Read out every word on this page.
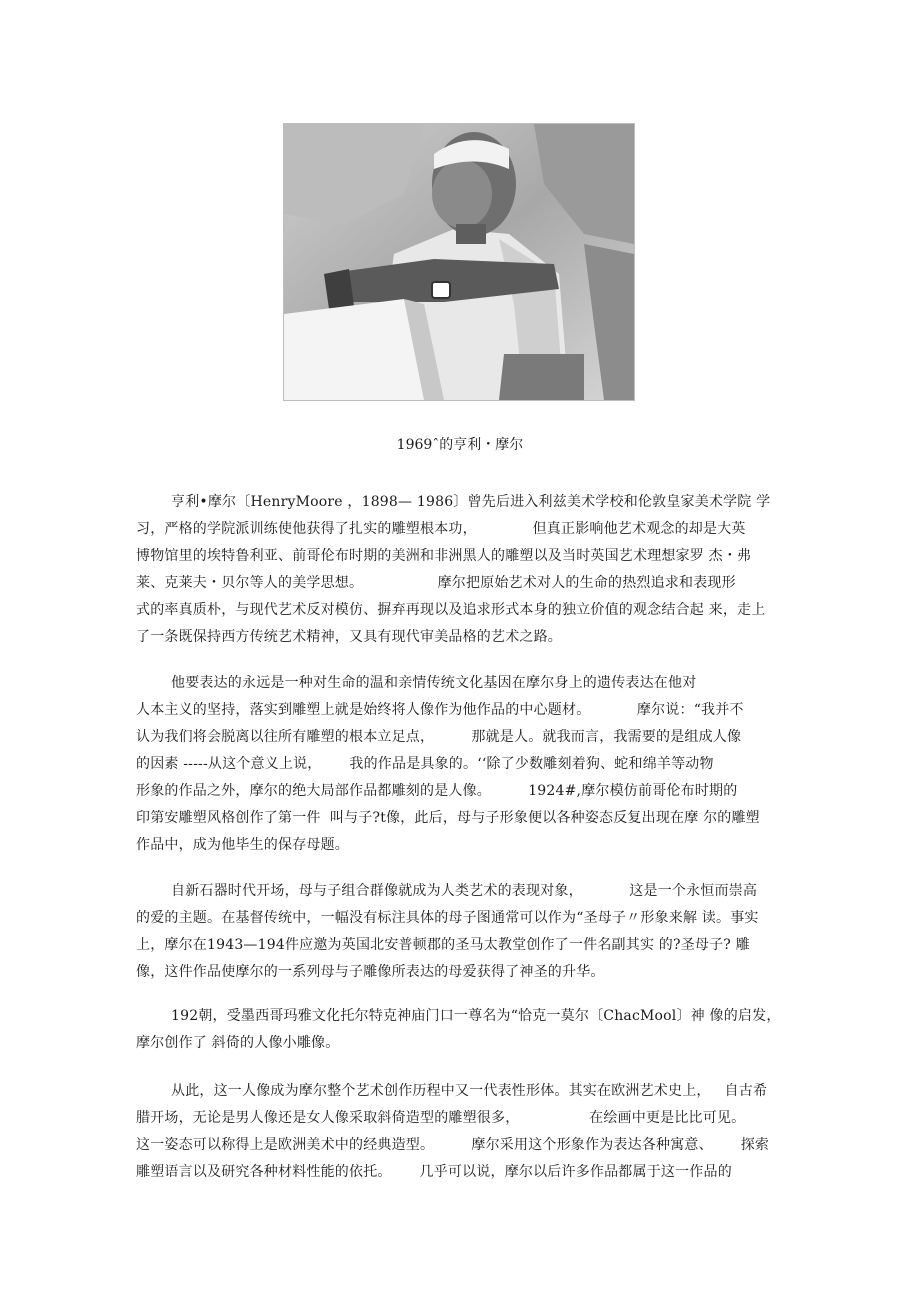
1969ˆ的亨利・摩尔
亨利•摩尔〔HenryMoore ，1898— 1986〕曾先后进入利兹美术学校和伦敦皇家美术学院 学
习，严格的学院派训练使他获得了扎实的雕塑根本功，            但真正影响他艺术观念的却是大英
博物馆里的埃特鲁利亚、前哥伦布时期的美洲和非洲黑人的雕塑以及当时英国艺术理想家罗 杰・弗
莱、克莱夫・贝尔等人的美学思想。                摩尔把原始艺术对人的生命的热烈追求和表现形
式的率真质朴，与现代艺术反对模仿、摒弃再现以及追求形式本身的独立价值的观念结合起 来，走上
了一条既保持西方传统艺术精神，又具有现代审美品格的艺术之路。
他要表达的永远是一种对生命的温和亲情传统文化基因在摩尔身上的遗传表达在他对
人本主义的坚持，落实到雕塑上就是始终将人像作为他作品的中心题材。          摩尔说：“我并不
认为我们将会脱离以往所有雕塑的根本立足点，        那就是人。就我而言，我需要的是组成人像
的因素 -----从这个意义上说，      我的作品是具象的。‘‘除了少数雕刻着狗、蛇和绵羊等动物
形象的作品之外，摩尔的绝大局部作品都雕刻的是人像。        1924#,摩尔模仿前哥伦布时期的
印第安雕塑风格创作了第一件  叫与子?t像，此后，母与子形象便以各种姿态反复出现在摩 尔的雕塑
作品中，成为他毕生的保存母题。
自新石器时代开场，母与子组合群像就成为人类艺术的表现对象，          这是一个永恒而崇高
的爱的主题。在基督传统中，一幅没有标注具体的母子图通常可以作为“圣母子〃形象来解 读。事实
上，摩尔在1943—194件应邀为英国北安普顿郡的圣马太教堂创作了一件名副其实 的?圣母子? 雕
像，这件作品使摩尔的一系列母与子雕像所表达的母爱获得了神圣的升华。
192朝，受墨西哥玛雅文化托尔特克神庙门口一尊名为“恰克一莫尔〔ChacMool〕神 像的启发，
摩尔创作了 斜倚的人像小雕像。
从此，这一人像成为摩尔整个艺术创作历程中又一代表性形体。其实在欧洲艺术史上，   自古希
腊开场，无论是男人像还是女人像采取斜倚造型的雕塑很多，               在绘画中更是比比可见。
这一姿态可以称得上是欧洲美术中的经典造型。        摩尔采用这个形象作为表达各种寓意、      探索
雕塑语言以及研究各种材料性能的依托。      几乎可以说，摩尔以后许多作品都属于这一作品的
